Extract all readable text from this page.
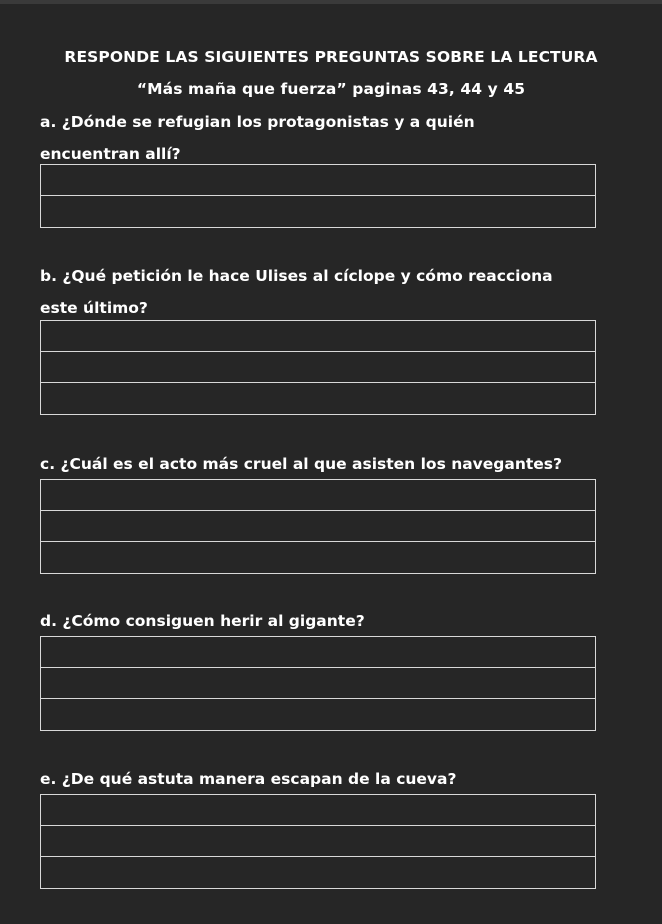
RESPONDE LAS SIGUIENTES PREGUNTAS SOBRE LA LECTURA
“Más maña que fuerza” paginas 43, 44 y 45
a. ¿Dónde se refugian los protagonistas y a quién
encuentran allí?
b. ¿Qué petición le hace Ulises al cíclope y cómo reacciona
este último?
c. ¿Cuál es el acto más cruel al que asisten los navegantes?
d. ¿Cómo consiguen herir al gigante?
e. ¿De qué astuta manera escapan de la cueva?
